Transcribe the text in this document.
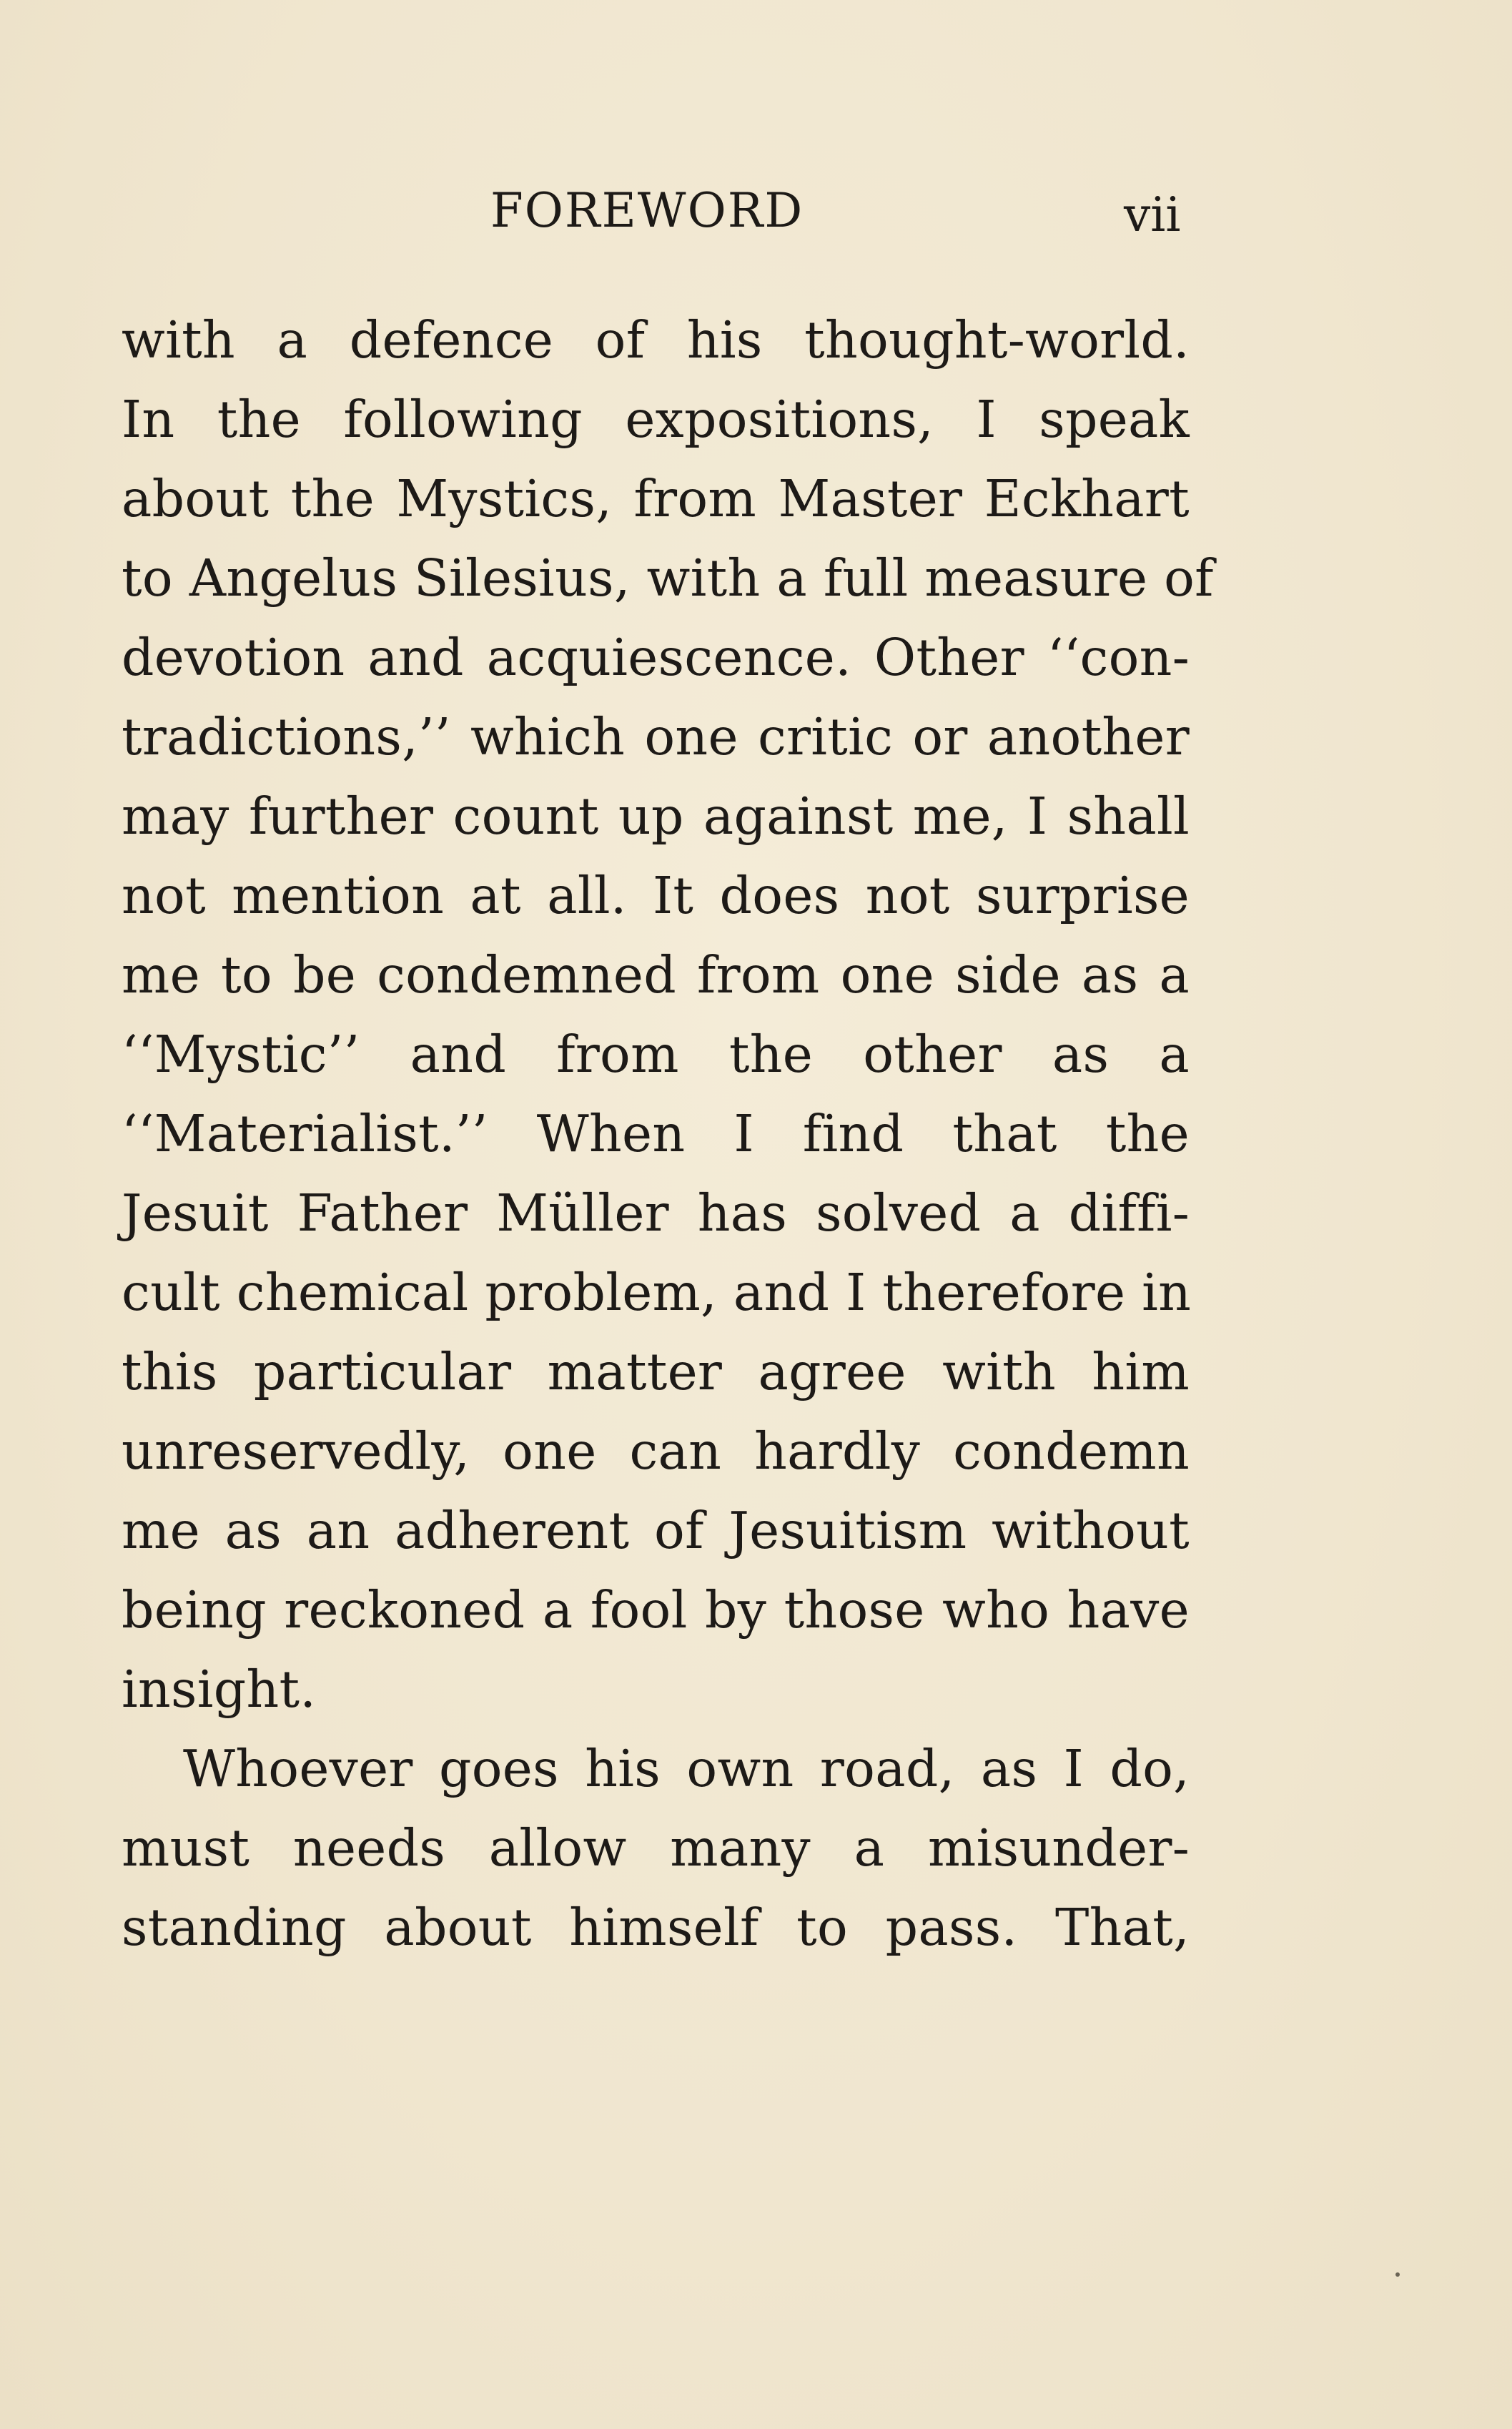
FOREWORD	vii
with a defence of his thought-world.
In the following expositions, I speak
about the Mystics, from Master Eckhart
to Angelus Silesius, with a full measure of
devotion and acquiescence. Other ‘‘con-
tradictions,’’ which one critic or another
may further count up against me, I shall
not mention at all. It does not surprise
me to be condemned from one side as a
‘‘Mystic’’ and from the other as a
‘‘Materialist.’’ When I find that the
Jesuit Father Müller has solved a diffi-
cult chemical problem, and I therefore in
this particular matter agree with him
unreservedly, one can hardly condemn
me as an adherent of Jesuitism without
being reckoned a fool by those who have
insight.
Whoever goes his own road, as I do,
must needs allow many a misunder-
standing about himself to pass. That,
